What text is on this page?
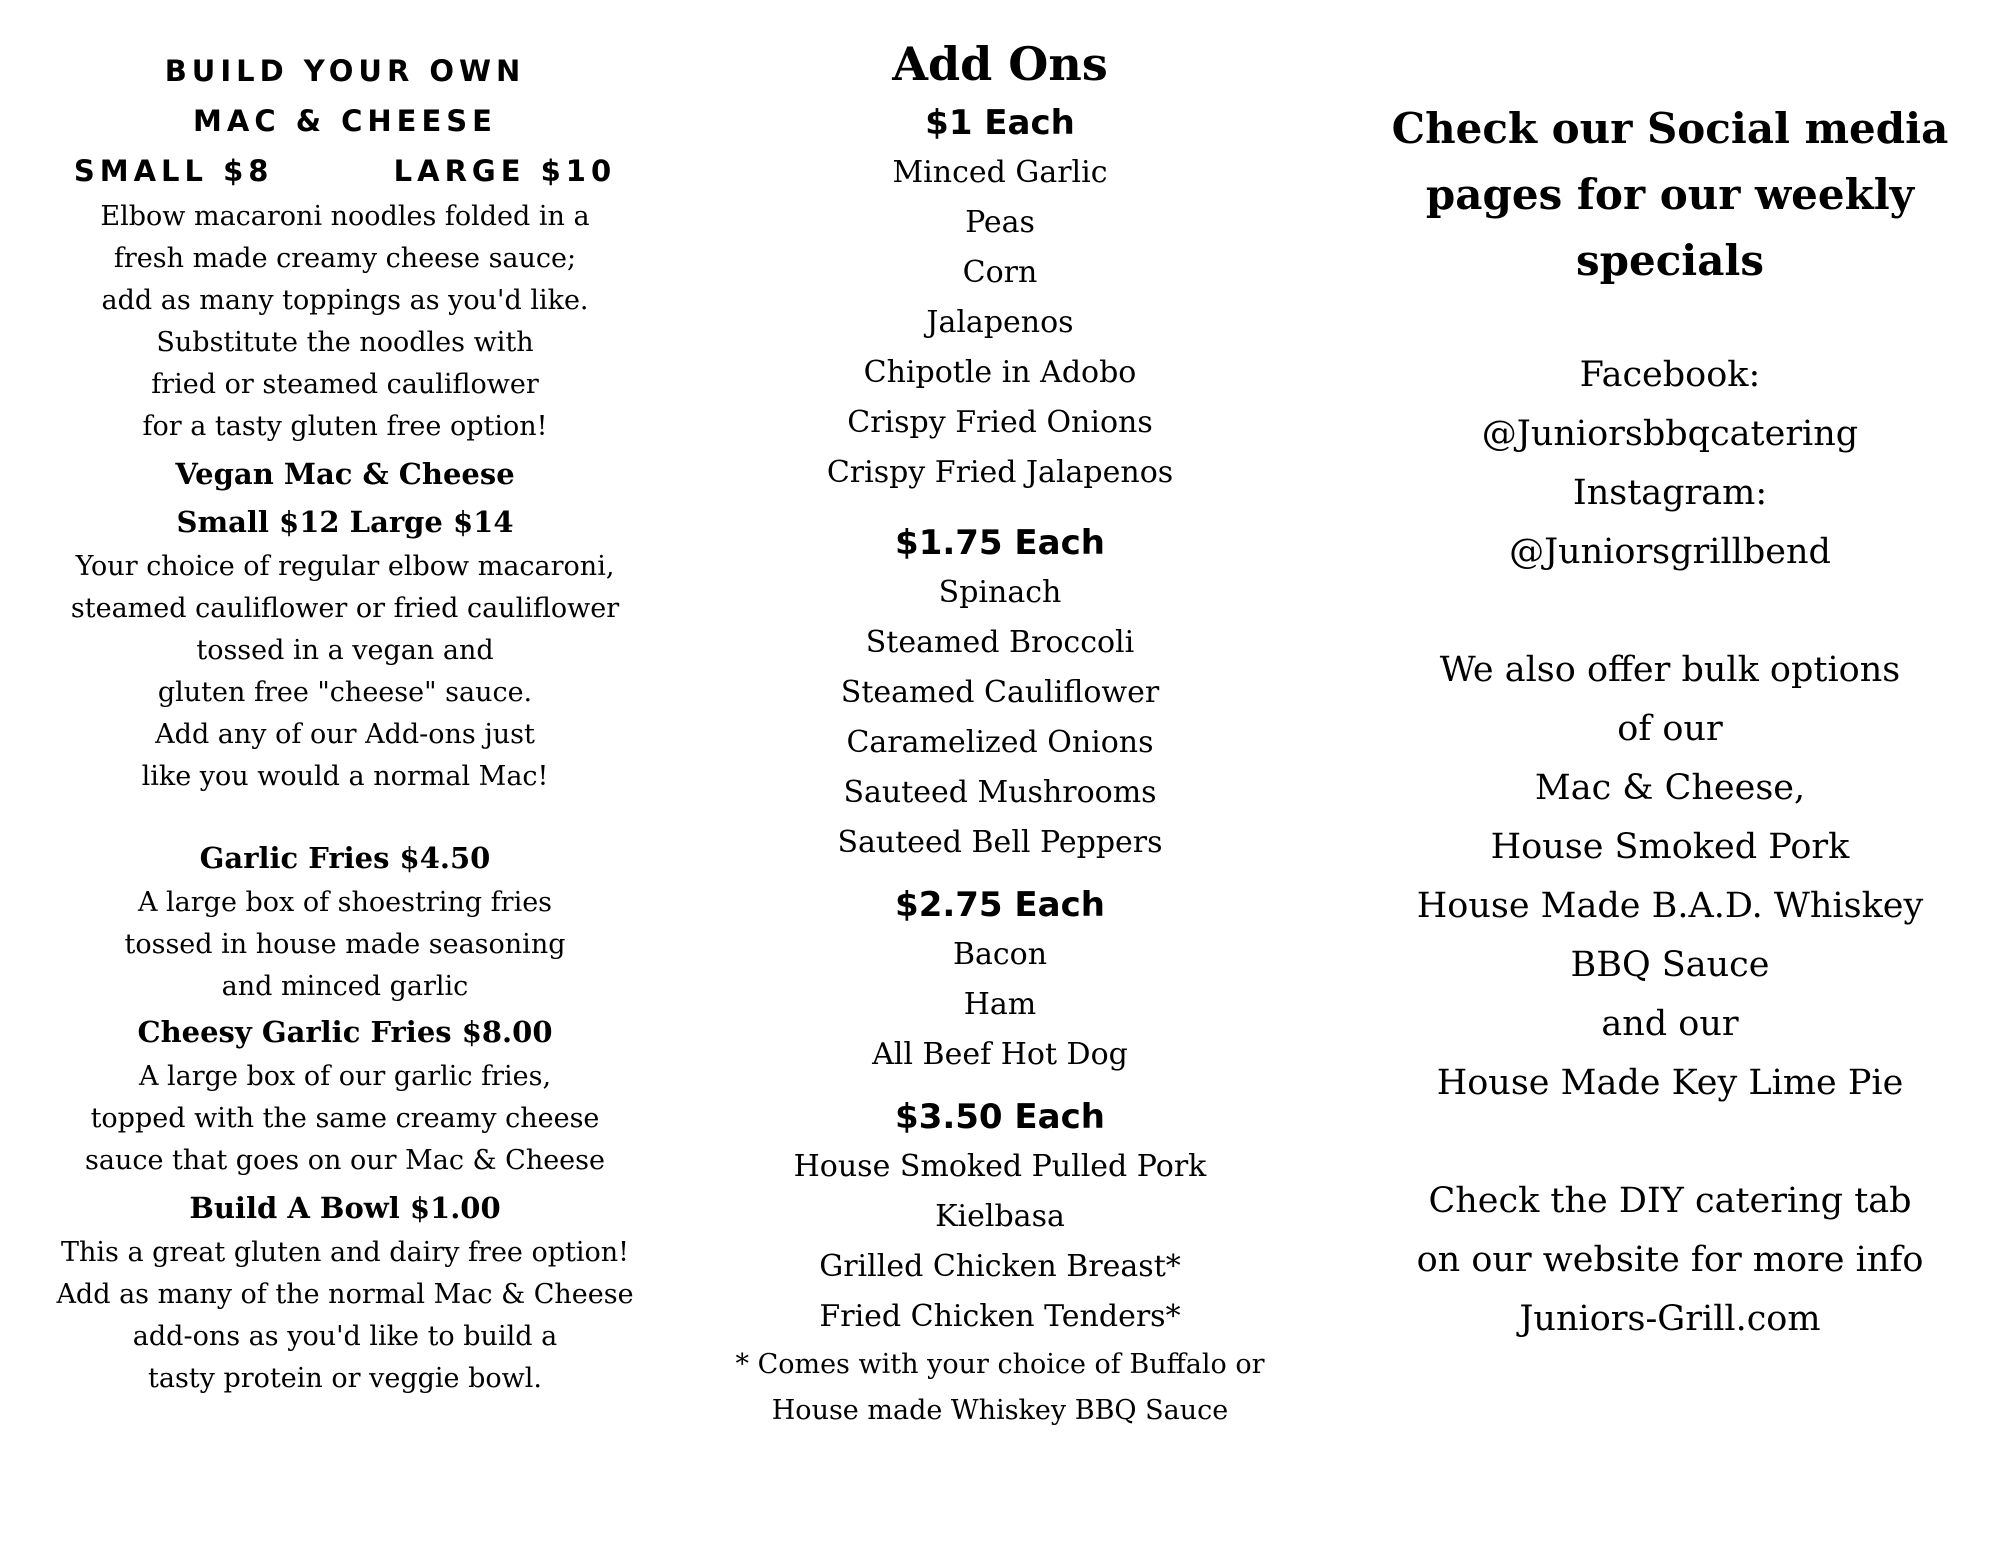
BUILD YOUR OWN
MAC & CHEESE
SMALL $8	LARGE $10
Elbow macaroni noodles folded in a
fresh made creamy cheese sauce;
add as many toppings as you'd like.
Substitute the noodles with
fried or steamed cauliflower
for a tasty gluten free option!
Vegan Mac & Cheese
Small $12 Large $14
Your choice of regular elbow macaroni,
steamed cauliflower or fried cauliflower
tossed in a vegan and
gluten free "cheese" sauce.
Add any of our Add-ons just
like you would a normal Mac!
Garlic Fries $4.50
A large box of shoestring fries
tossed in house made seasoning
and minced garlic
Cheesy Garlic Fries $8.00
A large box of our garlic fries,
topped with the same creamy cheese
sauce that goes on our Mac & Cheese
Build A Bowl $1.00
This a great gluten and dairy free option!
Add as many of the normal Mac & Cheese
add-ons as you'd like to build a
tasty protein or veggie bowl.
Add Ons
$1 Each
Minced Garlic
Peas
Corn
Jalapenos
Chipotle in Adobo
Crispy Fried Onions
Crispy Fried Jalapenos
$1.75 Each
Spinach
Steamed Broccoli
Steamed Cauliflower
Caramelized Onions
Sauteed Mushrooms
Sauteed Bell Peppers
$2.75 Each
Bacon
Ham
All Beef Hot Dog
$3.50 Each
House Smoked Pulled Pork
Kielbasa
Grilled Chicken Breast*
Fried Chicken Tenders*
* Comes with your choice of Buffalo or
House made Whiskey BBQ Sauce
Check our Social media
pages for our weekly
specials
Facebook:
@Juniorsbbqcatering
Instagram:
@Juniorsgrillbend
We also offer bulk options
of our
Mac & Cheese,
House Smoked Pork
House Made B.A.D. Whiskey
BBQ Sauce
and our
House Made Key Lime Pie
Check the DIY catering tab
on our website for more info
Juniors-Grill.com
